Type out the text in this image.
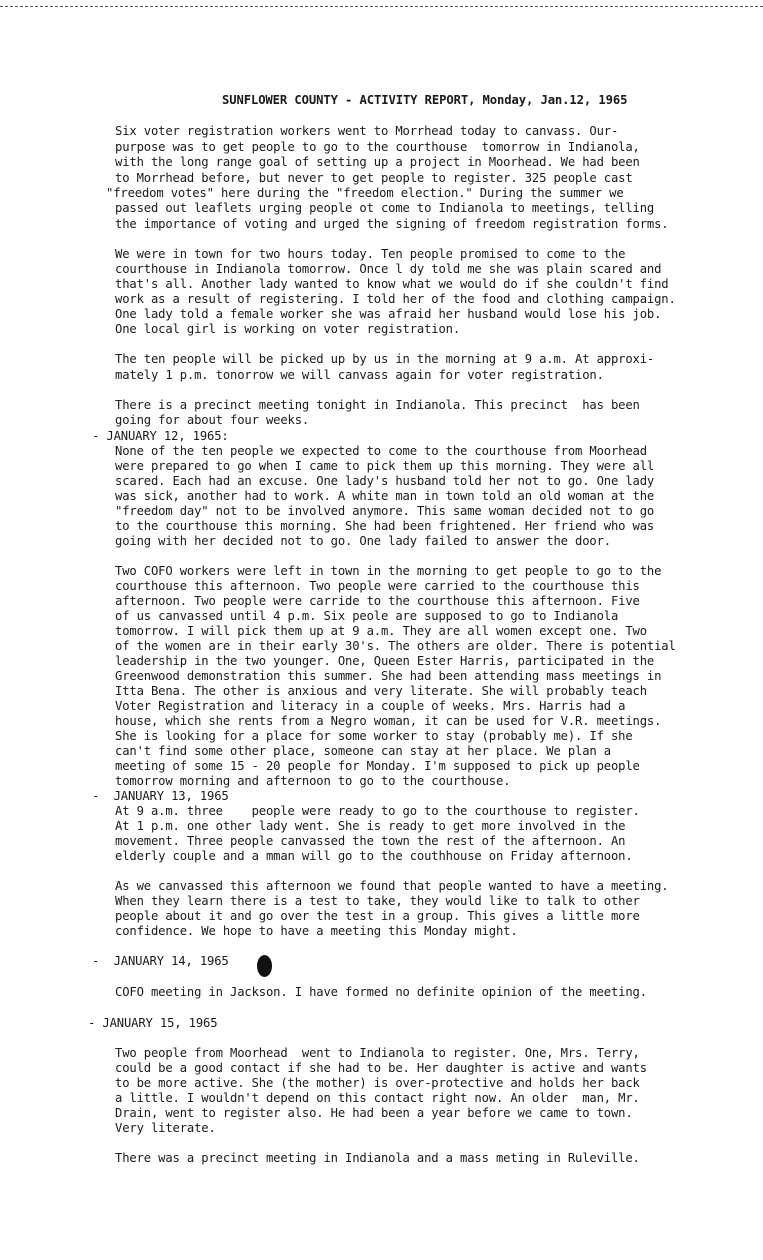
SUNFLOWER COUNTY - ACTIVITY REPORT, Monday, Jan.12, 1965
Six voter registration workers went to Morrhead today to canvass. Our-
purpose was to get people to go to the courthouse  tomorrow in Indianola,
with the long range goal of setting up a project in Moorhead. We had been
to Morrhead before, but never to get people to register. 325 people cast
"freedom votes" here during the "freedom election." During the summer we
passed out leaflets urging people ot come to Indianola to meetings, telling
the importance of voting and urged the signing of freedom registration forms.
We were in town for two hours today. Ten people promised to come to the
courthouse in Indianola tomorrow. Once l dy told me she was plain scared and
that's all. Another lady wanted to know what we would do if she couldn't find
work as a result of registering. I told her of the food and clothing campaign.
One lady told a female worker she was afraid her husband would lose his job.
One local girl is working on voter registration.
The ten people will be picked up by us in the morning at 9 a.m. At approxi-
mately 1 p.m. tonorrow we will canvass again for voter registration.
There is a precinct meeting tonight in Indianola. This precinct  has been
going for about four weeks.
- JANUARY 12, 1965:
None of the ten people we expected to come to the courthouse from Moorhead
were prepared to go when I came to pick them up this morning. They were all
scared. Each had an excuse. One lady's husband told her not to go. One lady
was sick, another had to work. A white man in town told an old woman at the
"freedom day" not to be involved anymore. This same woman decided not to go
to the courthouse this morning. She had been frightened. Her friend who was
going with her decided not to go. One lady failed to answer the door.
Two COFO workers were left in town in the morning to get people to go to the
courthouse this afternoon. Two people were carried to the courthouse this
afternoon. Two people were carride to the courthouse this afternoon. Five
of us canvassed until 4 p.m. Six peole are supposed to go to Indianola
tomorrow. I will pick them up at 9 a.m. They are all women except one. Two
of the women are in their early 30's. The others are older. There is potential
leadership in the two younger. One, Queen Ester Harris, participated in the
Greenwood demonstration this summer. She had been attending mass meetings in
Itta Bena. The other is anxious and very literate. She will probably teach
Voter Registration and literacy in a couple of weeks. Mrs. Harris had a
house, which she rents from a Negro woman, it can be used for V.R. meetings.
She is looking for a place for some worker to stay (probably me). If she
can't find some other place, someone can stay at her place. We plan a
meeting of some 15 - 20 people for Monday. I'm supposed to pick up people
tomorrow morning and afternoon to go to the courthouse.
-  JANUARY 13, 1965
At 9 a.m. three    people were ready to go to the courthouse to register.
At 1 p.m. one other lady went. She is ready to get more involved in the
movement. Three people canvassed the town the rest of the afternoon. An
elderly couple and a mman will go to the couthhouse on Friday afternoon.
As we canvassed this afternoon we found that people wanted to have a meeting.
When they learn there is a test to take, they would like to talk to other
people about it and go over the test in a group. This gives a little more
confidence. We hope to have a meeting this Monday might.
-  JANUARY 14, 1965
COFO meeting in Jackson. I have formed no definite opinion of the meeting.
- JANUARY 15, 1965
Two people from Moorhead  went to Indianola to register. One, Mrs. Terry,
could be a good contact if she had to be. Her daughter is active and wants
to be more active. She (the mother) is over-protective and holds her back
a little. I wouldn't depend on this contact right now. An older  man, Mr.
Drain, went to register also. He had been a year before we came to town.
Very literate.
There was a precinct meeting in Indianola and a mass meting in Ruleville.
